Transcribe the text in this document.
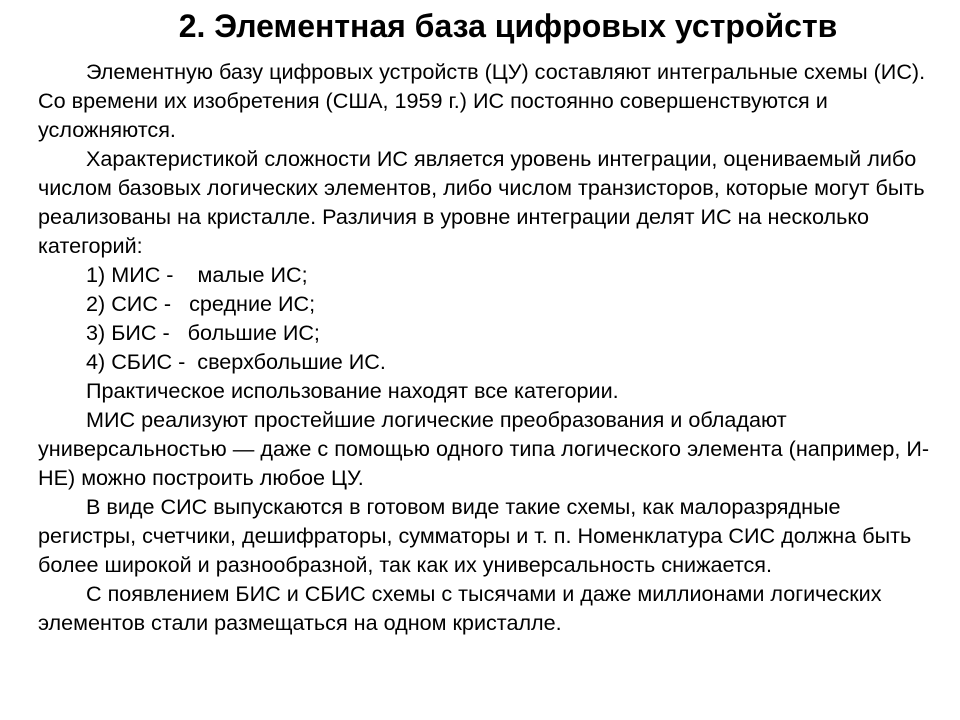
2. Элементная база цифровых устройств

Элементную базу цифровых устройств (ЦУ) составляют интегральные схемы (ИС). Со времени их изобретения (США, 1959 г.) ИС постоянно совершенствуются и усложняются.

Характеристикой сложности ИС является уровень интеграции, оцениваемый либо числом базовых логических элементов, либо числом транзисторов, которые могут быть реализованы на кристалле. Различия в уровне интеграции делят ИС на несколько категорий:

1) МИС -    малые ИС;

2) СИС -   средние ИС;

3) БИС -   большие ИС;

4) СБИС -  сверхбольшие ИС.

Практическое использование находят все категории.

МИС реализуют простейшие логические преобразования и обладают универсальностью — даже с помощью одного типа логического элемента (например, И-НЕ) можно построить любое ЦУ.

В виде СИС выпускаются в готовом виде такие схемы, как малоразрядные регистры, счетчики, дешифраторы, сумматоры и т. п. Номенклатура СИС должна быть более широкой и разнообразной, так как их универсальность снижается.

С появлением БИС и СБИС схемы с тысячами и даже миллионами логических элементов стали размещаться на одном кристалле.
